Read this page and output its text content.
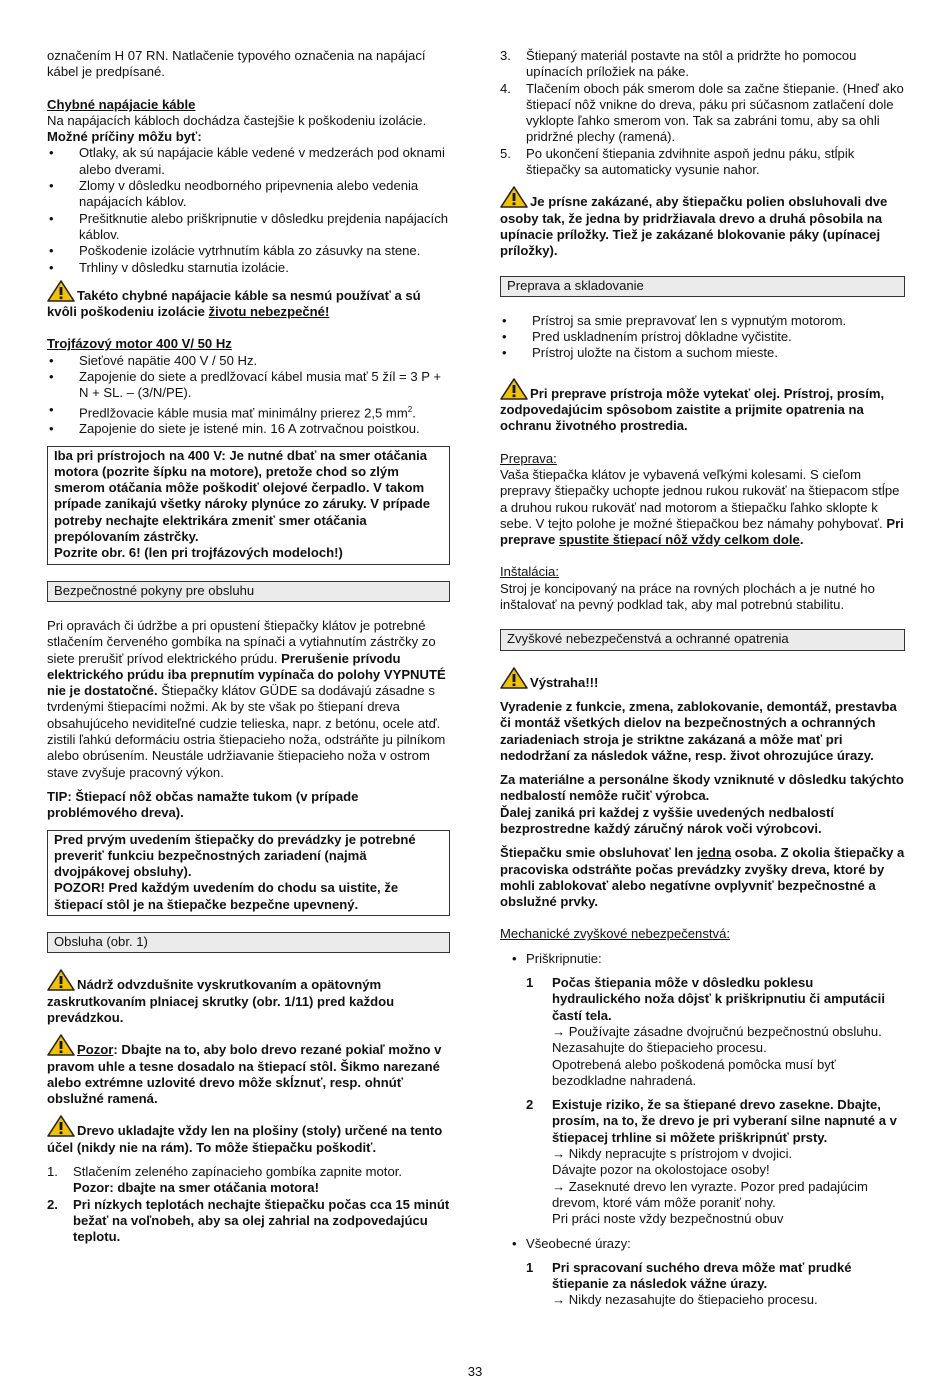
označením H 07 RN. Natlačenie typového označenia na napájací kábel je predpísané.

Chybné napájacie káble

Na napájacích kábloch dochádza častejšie k poškodeniu izolácie.

Možné príčiny môžu byť:

• Otlaky, ak sú napájacie káble vedené v medzerách pod oknami alebo dverami.
• Zlomy v dôsledku neodborného pripevnenia alebo vedenia napájacích káblov.
• Prešitknutie alebo priškripnutie v dôsledku prejdenia napájacích káblov.
• Poškodenie izolácie vytrhnutím kábla zo zásuvky na stene.
• Trhliny v dôsledku starnutia izolácie.

Takéto chybné napájacie káble sa nesmú používať a sú kvôli poškodeniu izolácie životu nebezpečné!

Trojfázový motor 400 V/ 50 Hz

• Sieťové napätie 400 V / 50 Hz.
• Zapojenie do siete a predlžovací kábel musia mať 5 žíl = 3 P + N + SL. – (3/N/PE).
• Predlžovacie káble musia mať minimálny prierez 2,5 $mm^2$.
• Zapojenie do siete je istené min. 16 A zotrvačnou poistkou.

Iba pri prístrojoch na 400 V: Je nutné dbať na smer otáčania motora (pozrite šípku na motore), pretože chod so zlým smerom otáčania môže poškodiť olejové čerpadlo. V takom prípade zanikajú všetky nároky plynúce zo záruky. V prípade potreby nechajte elektrikára zmeniť smer otáčania prepólovaním zástrčky.

Pozrite obr. 6! (len pri trojfázových modeloch!)

Bezpečnostné pokyny pre obsluhu

Pri opravách či údržbe a pri opustení štiepačky klátov je potrebné stlačením červeného gombíka na spínači a vytiahnutím zástrčky zo siete prerušiť prívod elektrického prúdu. Prerušenie prívodu elektrického prúdu iba prepnutím vypínača do polohy VYPNUTÉ nie je dostatočné. Štiepačky klátov GÜDE sa dodávajú zásadne s tvrdenými štiepacími nožmi. Ak by ste však po štiepaní dreva obsahujúceho neviditeľné cudzie telieska, napr. z betónu, ocele atď. zistili ľahkú deformáciu ostria štiepacieho noža, odstráňte ju pilníkom alebo obrúsením. Neustále udržiavanie štiepacieho noža v ostrom stave zvyšuje pracovný výkon.

TIP: Štiepací nôž občas namažte tukom (v prípade problémového dreva).

Pred prvým uvedením štiepačky do prevádzky je potrebné preveriť funkciu bezpečnostných zariadení (najmä dvojpákovej obsluhy).

POZOR! Pred každým uvedením do chodu sa uistite, že štiepací stôl je na štiepačke bezpečne upevnený.

Obsluha (obr. 1)

Nádrž odvzdušnite vyskrutkovaním a opätovným zaskrutkovaním plniacej skrutky (obr. 1/11) pred každou prevádzkou.

Pozor: Dbajte na to, aby bolo drevo rezané pokiaľ možno v pravom uhle a tesne dosadalo na štiepací stôl. Šikmo narezané alebo extrémne uzlovité drevo môže skĺznuť, resp. ohnúť obslužné ramená.

Drevo ukladajte vždy len na plošiny (stoly) určené na tento účel (nikdy nie na rám). To môže štiepačku poškodiť.

1. Stlačením zeleného zapínacieho gombíka zapnite motor.
Pozor: dbajte na smer otáčania motora!
2. Pri nízkych teplotách nechajte štiepačku počas cca 15 minút bežať na voľnobeh, aby sa olej zahrial na zodpovedajúcu teplotu.
3. Štiepaný materiál postavte na stôl a pridržte ho pomocou upínacích príložiek na páke.
4. Tlačením oboch pák smerom dole sa začne štiepanie. (Hneď ako štiepací nôž vnikne do dreva, páku pri súčasnom zatlačení dole vyklopte ľahko smerom von. Tak sa zabráni tomu, aby sa ohli pridržné plechy (ramená).
5. Po ukončení štiepania zdvihnite aspoň jednu páku, stĺpik štiepačky sa automaticky vysunie nahor.

Je prísne zakázané, aby štiepačku polien obsluhovali dve osoby tak, že jedna by pridržiavala drevo a druhá pôsobila na upínacie príložky. Tiež je zakázané blokovanie páky (upínacej príložky).

Preprava a skladovanie
• Prístroj sa smie prepravovať len s vypnutým motorom.
• Pred uskladnením prístroj dôkladne vyčistite.
• Prístroj uložte na čistom a suchom mieste.

Pri preprave prístroja môže vytekať olej. Prístroj, prosím, zodpovedajúcim spôsobom zaistite a prijmite opatrenia na ochranu životného prostredia.

Preprava:

Vaša štiepačka klátov je vybavená veľkými kolesami. S cieľom prepravy štiepačky uchopte jednou rukou rukoväť na štiepacom stĺpe a druhou rukou rukoväť nad motorom a štiepačku ľahko sklopte k sebe. V tejto polohe je možné štiepačkou bez námahy pohybovať. Pri preprave spustite štiepací nôž vždy celkom dole.

Inštalácia:

Stroj je koncipovaný na práce na rovných plochách a je nutné ho inštalovať na pevný podklad tak, aby mal potrebnú stabilitu.

Zvyškové nebezpečenstvá a ochranné opatrenia

Výstraha!!!

Vyradenie z funkcie, zmena, zablokovanie, demontáž, prestavba či montáž všetkých dielov na bezpečnostných a ochranných zariadeniach stroja je striktne zakázaná a môže mať pri nedodržaní za následok vážne, resp. život ohrozujúce úrazy.

Za materiálne a personálne škody vzniknuté v dôsledku takýchto nedbalostí nemôže ručiť výrobca.

Ďalej zaniká pri každej z vyššie uvedených nedbalostí bezprostredne každý záručný nárok voči výrobcovi.

Štiepačku smie obsluhovať len jedna osoba. Z okolia štiepačky a pracoviska odstráňte počas prevádzky zvyšky dreva, ktoré by mohli zablokovať alebo negatívne ovplyvniť bezpečnostné a obslužné prvky.

Mechanické zvyškové nebezpečenstvá:

• Priškripnutie:

1 Počas štiepania môže v dôsledku poklesu hydraulického noža dôjsť k priškripnutiu či amputácii častí tela.

→ Používajte zásadne dvojručnú bezpečnostnú obsluhu. Nezasahujte do štiepacieho procesu.

Opotrebená alebo poškodená pomôcka musí byť bezodkladne nahradená.

2 Existuje riziko, že sa štiepané drevo zasekne. Dbajte, prosím, na to, že drevo je pri vyberaní silne napnuté a v štiepacej trhline si môžete priškripnúť prsty.

→ Nikdy nepracujte s prístrojom v dvojici.

Dávajte pozor na okolostojace osoby!

→ Zaseknuté drevo len vyrazte. Pozor pred padajúcim drevom, ktoré vám môže poraniť nohy.

Pri práci noste vždy bezpečnostnú obuv

• Všeobecné úrazy:

1 Pri spracovaní suchého dreva môže mať prudké štiepanie za následok vážne úrazy.

→ Nikdy nezasahujte do štiepacieho procesu.

33
